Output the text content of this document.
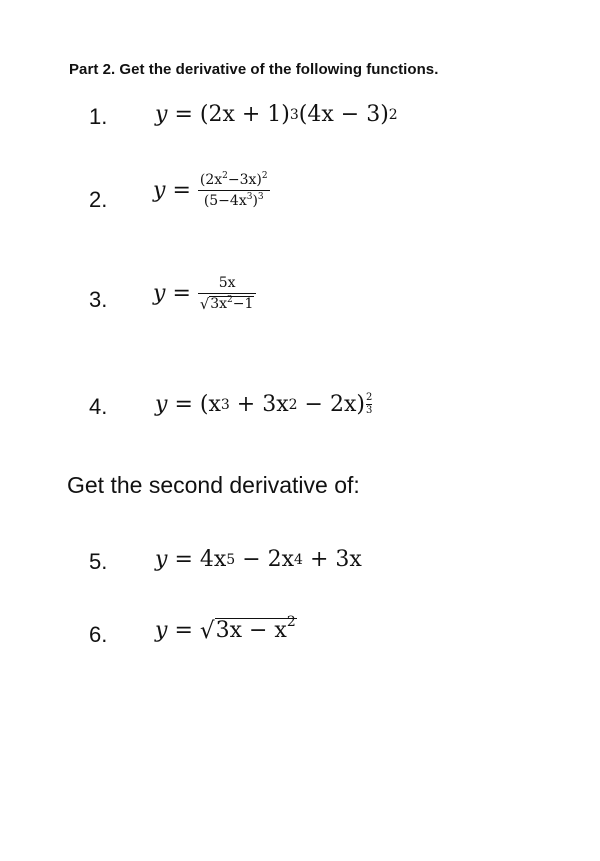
Part 2. Get the derivative of the following functions.
1. y = (2x + 1) 3 (4x − 3) 2
2. $y = \frac{(2x^2-3x)^2}{(5-4x^3)^3}$
3. $y = \frac{5x}{√ 3x^2-1}$
4. y = (x 3 + 3x 2 − 2x) 2
3
Get the second derivative of:
5. y = 4x 5 − 2x 4 + 3x
6. y = √ $3x - x^2$
